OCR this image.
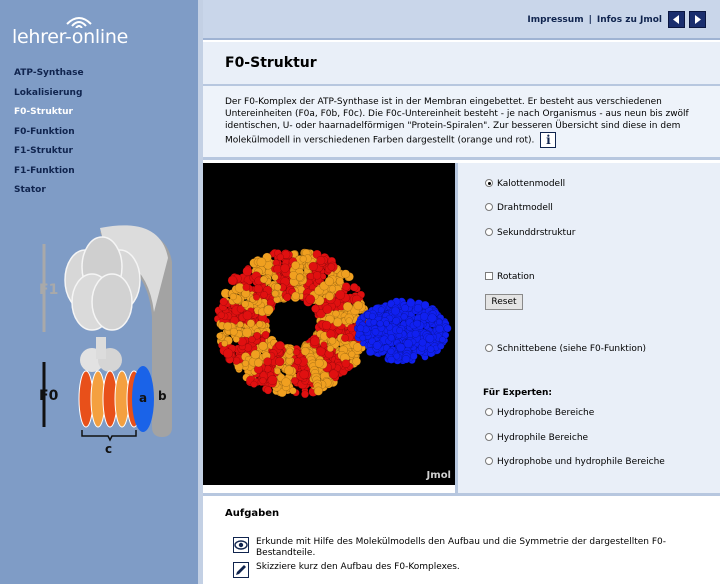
lehrer-online
ATP-Synthase
Lokalisierung
F0-Struktur
F0-Funktion
F1-Struktur
F1-Funktion
Stator
F1
b
F0	a
c
Impressum | Infos zu Jmol
F0-Struktur
Der F0-Komplex der ATP-Synthase ist in der Membran eingebettet. Er besteht aus verschiedenen Untereinheiten (F0a, F0b, F0c). Die F0c-Untereinheit besteht - je nach Organismus - aus neun bis zwölf identischen, U- oder haarnadelförmigen "Protein-Spiralen". Zur besseren Übersicht sind diese in dem Molekülmodell in verschiedenen Farben dargestellt (orange und rot). i
Jmol
Kalottenmodell
Drahtmodell
Sekunddrstruktur
Rotation
Reset
Schnittebene (siehe F0-Funktion)
Für Experten:
Hydrophobe Bereiche
Hydrophile Bereiche
Hydrophobe und hydrophile Bereiche
Aufgaben
Erkunde mit Hilfe des Molekülmodells den Aufbau und die Symmetrie der dargestellten F0-Bestandteile.
Skizziere kurz den Aufbau des F0-Komplexes.
